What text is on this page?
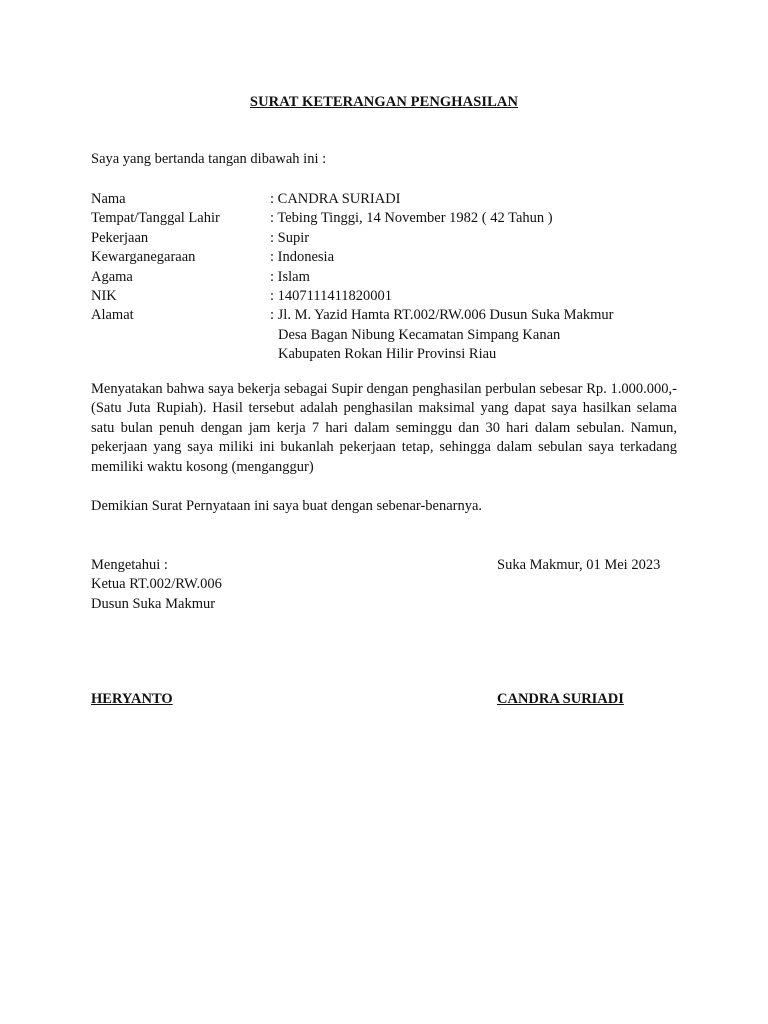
SURAT KETERANGAN PENGHASILAN
Saya yang bertanda tangan dibawah ini :
Nama	: CANDRA SURIADI
Tempat/Tanggal Lahir	: Tebing Tinggi, 14 November 1982 ( 42 Tahun )
Pekerjaan	: Supir
Kewarganegaraan	: Indonesia
Agama	: Islam
NIK	: 1407111411820001
Alamat	: Jl. M. Yazid Hamta RT.002/RW.006 Dusun Suka Makmur
Desa Bagan Nibung Kecamatan Simpang Kanan
Kabupaten Rokan Hilir Provinsi Riau
Menyatakan bahwa saya bekerja sebagai Supir dengan penghasilan perbulan sebesar Rp. 1.000.000,- (Satu Juta Rupiah). Hasil tersebut adalah penghasilan maksimal yang dapat saya hasilkan selama satu bulan penuh dengan jam kerja 7 hari dalam seminggu dan 30 hari dalam sebulan. Namun, pekerjaan yang saya miliki ini bukanlah pekerjaan tetap, sehingga dalam sebulan saya terkadang memiliki waktu kosong (menganggur)
Demikian Surat Pernyataan ini saya buat dengan sebenar-benarnya.
Mengetahui :
Ketua RT.002/RW.006
Dusun Suka Makmur
Suka Makmur, 01 Mei 2023
HERYANTO	CANDRA SURIADI
